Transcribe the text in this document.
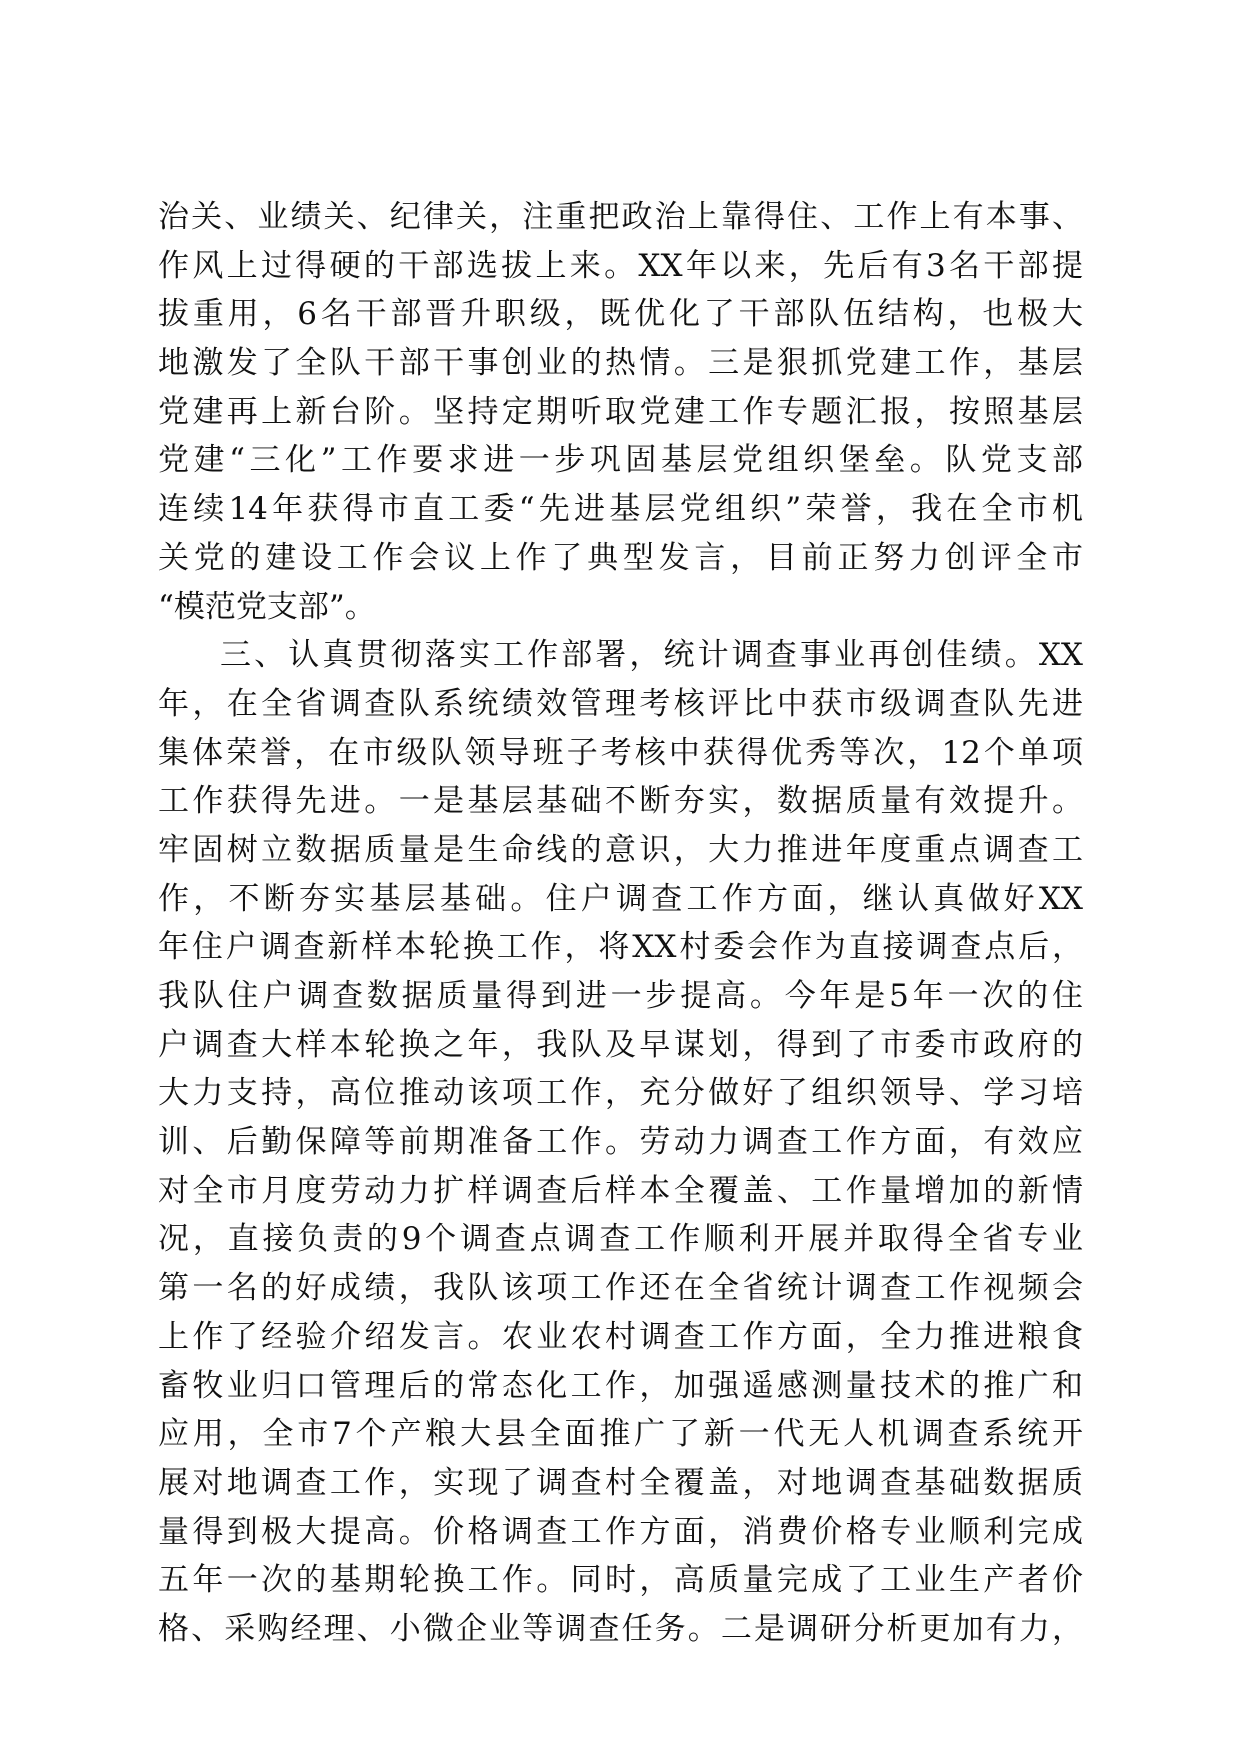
治关、业绩关、纪律关，注重把政治上靠得住、工作上有本事、
作风上过得硬的干部选拔上来。XX年以来，先后有3名干部提
拔重用，6名干部晋升职级，既优化了干部队伍结构，也极大
地激发了全队干部干事创业的热情。三是狠抓党建工作，基层
党建再上新台阶。坚持定期听取党建工作专题汇报，按照基层
党建“三化”工作要求进一步巩固基层党组织堡垒。队党支部
连续14年获得市直工委“先进基层党组织”荣誉，我在全市机
关党的建设工作会议上作了典型发言，目前正努力创评全市
“模范党支部”。
三、认真贯彻落实工作部署，统计调查事业再创佳绩。XX
年，在全省调查队系统绩效管理考核评比中获市级调查队先进
集体荣誉，在市级队领导班子考核中获得优秀等次，12个单项
工作获得先进。一是基层基础不断夯实，数据质量有效提升。
牢固树立数据质量是生命线的意识，大力推进年度重点调查工
作，不断夯实基层基础。住户调查工作方面，继认真做好XX
年住户调查新样本轮换工作，将XX村委会作为直接调查点后，
我队住户调查数据质量得到进一步提高。今年是5年一次的住
户调查大样本轮换之年，我队及早谋划，得到了市委市政府的
大力支持，高位推动该项工作，充分做好了组织领导、学习培
训、后勤保障等前期准备工作。劳动力调查工作方面，有效应
对全市月度劳动力扩样调查后样本全覆盖、工作量增加的新情
况，直接负责的9个调查点调查工作顺利开展并取得全省专业
第一名的好成绩，我队该项工作还在全省统计调查工作视频会
上作了经验介绍发言。农业农村调查工作方面，全力推进粮食
畜牧业归口管理后的常态化工作，加强遥感测量技术的推广和
应用，全市7个产粮大县全面推广了新一代无人机调查系统开
展对地调查工作，实现了调查村全覆盖，对地调查基础数据质
量得到极大提高。价格调查工作方面，消费价格专业顺利完成
五年一次的基期轮换工作。同时，高质量完成了工业生产者价
格、采购经理、小微企业等调查任务。二是调研分析更加有力，
